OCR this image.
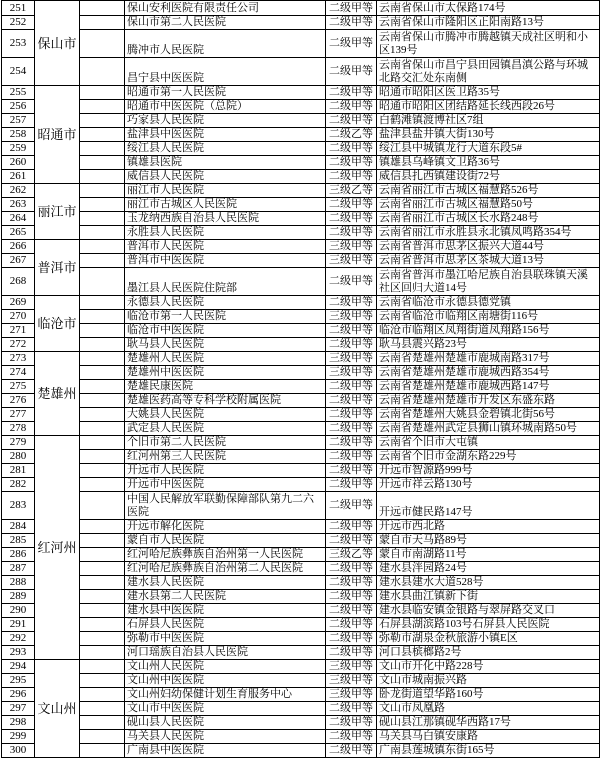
251	保山市		保山安利医院有限责任公司	二级甲等	云南省保山市太保路174号
252			保山市第二人民医院	二级甲等	云南省保山市隆阳区正阳南路13号
253			腾冲市人民医院	二级甲等	云南省保山市腾冲市腾越镇天成社区明和小区139号
254			昌宁县中医医院	二级甲等	云南省保山市昌宁县田园镇昌滇公路与环城北路交汇处东南侧
255	昭通市		昭通市第一人民医院	二级甲等	昭通市昭阳区医卫路35号
256			昭通市中医医院（总院）	二级甲等	昭通市昭阳区团结路延长线西段26号
257			巧家县人民医院	二级甲等	白鹤滩镇渡博社区7组
258			盐津县中医医院	二级乙等	盐津县盐井镇大街130号
259			绥江县人民医院	二级甲等	绥江县中城镇龙行大道东段5#
260			镇雄县医院	二级甲等	镇雄县乌峰镇文卫路36号
261			威信县人民医院	二级甲等	威信县扎西镇建设街72号
262	丽江市		丽江市人民医院	三级乙等	云南省丽江市古城区福慧路526号
263			丽江市古城区人民医院	二级甲等	云南省丽江市古城区福慧路50号
264			玉龙纳西族自治县人民医院	二级甲等	云南省丽江市古城区长水路248号
265			永胜县人民医院	二级甲等	云南省丽江市永胜县永北镇凤鸣路354号
266	普洱市		普洱市人民医院	三级甲等	云南省普洱市思茅区振兴大道44号
267			普洱市中医医院	三级甲等	云南省普洱市思茅区茶城大道13号
268			墨江县人民医院住院部	二级甲等	云南省普洱市墨江哈尼族自治县联珠镇天溪社区回归大道14号
269	临沧市		永德县人民医院	二级甲等	云南省临沧市永德县德党镇
270			临沧市第一人民医院	三级甲等	云南省临沧市临翔区南塘街116号
271			临沧市中医医院	二级甲等	临沧市临翔区凤翔街道凤翔路156号
272			耿马县人民医院	二级甲等	耿马县震兴路23号
273	楚雄州		楚雄州人民医院	三级甲等	云南省楚雄州楚雄市鹿城南路317号
274			楚雄州中医医院	三级甲等	云南省楚雄州楚雄市鹿城西路354号
275			楚雄民康医院	二级甲等	云南省楚雄州楚雄市鹿城西路147号
276			楚雄医药高等专科学校附属医院	二级甲等	云南省楚雄州楚雄市开发区东盛东路
277			大姚县人民医院	二级甲等	云南省楚雄州大姚县金碧镇北街56号
278			武定县人民医院	二级甲等	云南省楚雄州武定县狮山镇环城南路50号
279	红河州		个旧市第二人民医院	二级甲等	云南省个旧市大屯镇
280			红河州第三人民医院	二级甲等	云南省个旧市金湖东路229号
281			开远市人民医院	二级甲等	开远市智源路999号
282			开远市中医医院	二级甲等	开远市祥云路130号
283			中国人民解放军联勤保障部队第九二六医院	二级甲等	开远市健民路147号
284			开远市解化医院	二级甲等	开远市西北路
285			蒙自市人民医院	二级甲等	蒙自市天马路89号
286			红河哈尼族彝族自治州第一人民医院	三级乙等	蒙自市南湖路11号
287			红河哈尼族彝族自治州第二人民医院	二级甲等	建水县泮园路24号
288			建水县人民医院	二级甲等	建水县建水大道528号
289			建水县第二人民医院	二级甲等	建水县曲江镇新下街
290			建水县中医医院	二级甲等	建水县临安镇金银路与翠屏路交叉口
291			石屏县人民医院	二级甲等	石屏县湖滨路103号石屏县人民医院
292			弥勒市中医医院	二级甲等	弥勒市湖泉金秋旅游小镇E区
293			河口瑶族自治县人民医院	二级甲等	河口县槟榔路2号
294	文山州		文山州人民医院	三级甲等	文山市开化中路228号
295			文山州中医医院	三级甲等	文山市城南振兴路
296			文山州妇幼保健计划生育服务中心	三级甲等	卧龙街道望华路160号
297			文山市中医医院	二级甲等	文山市凤凰路
298			砚山县人民医院	二级甲等	砚山县江那镇砚华西路17号
299			马关县人民医院	二级甲等	马关县马白镇安康路
300			广南县中医医院	二级甲等	广南县莲城镇东街165号
